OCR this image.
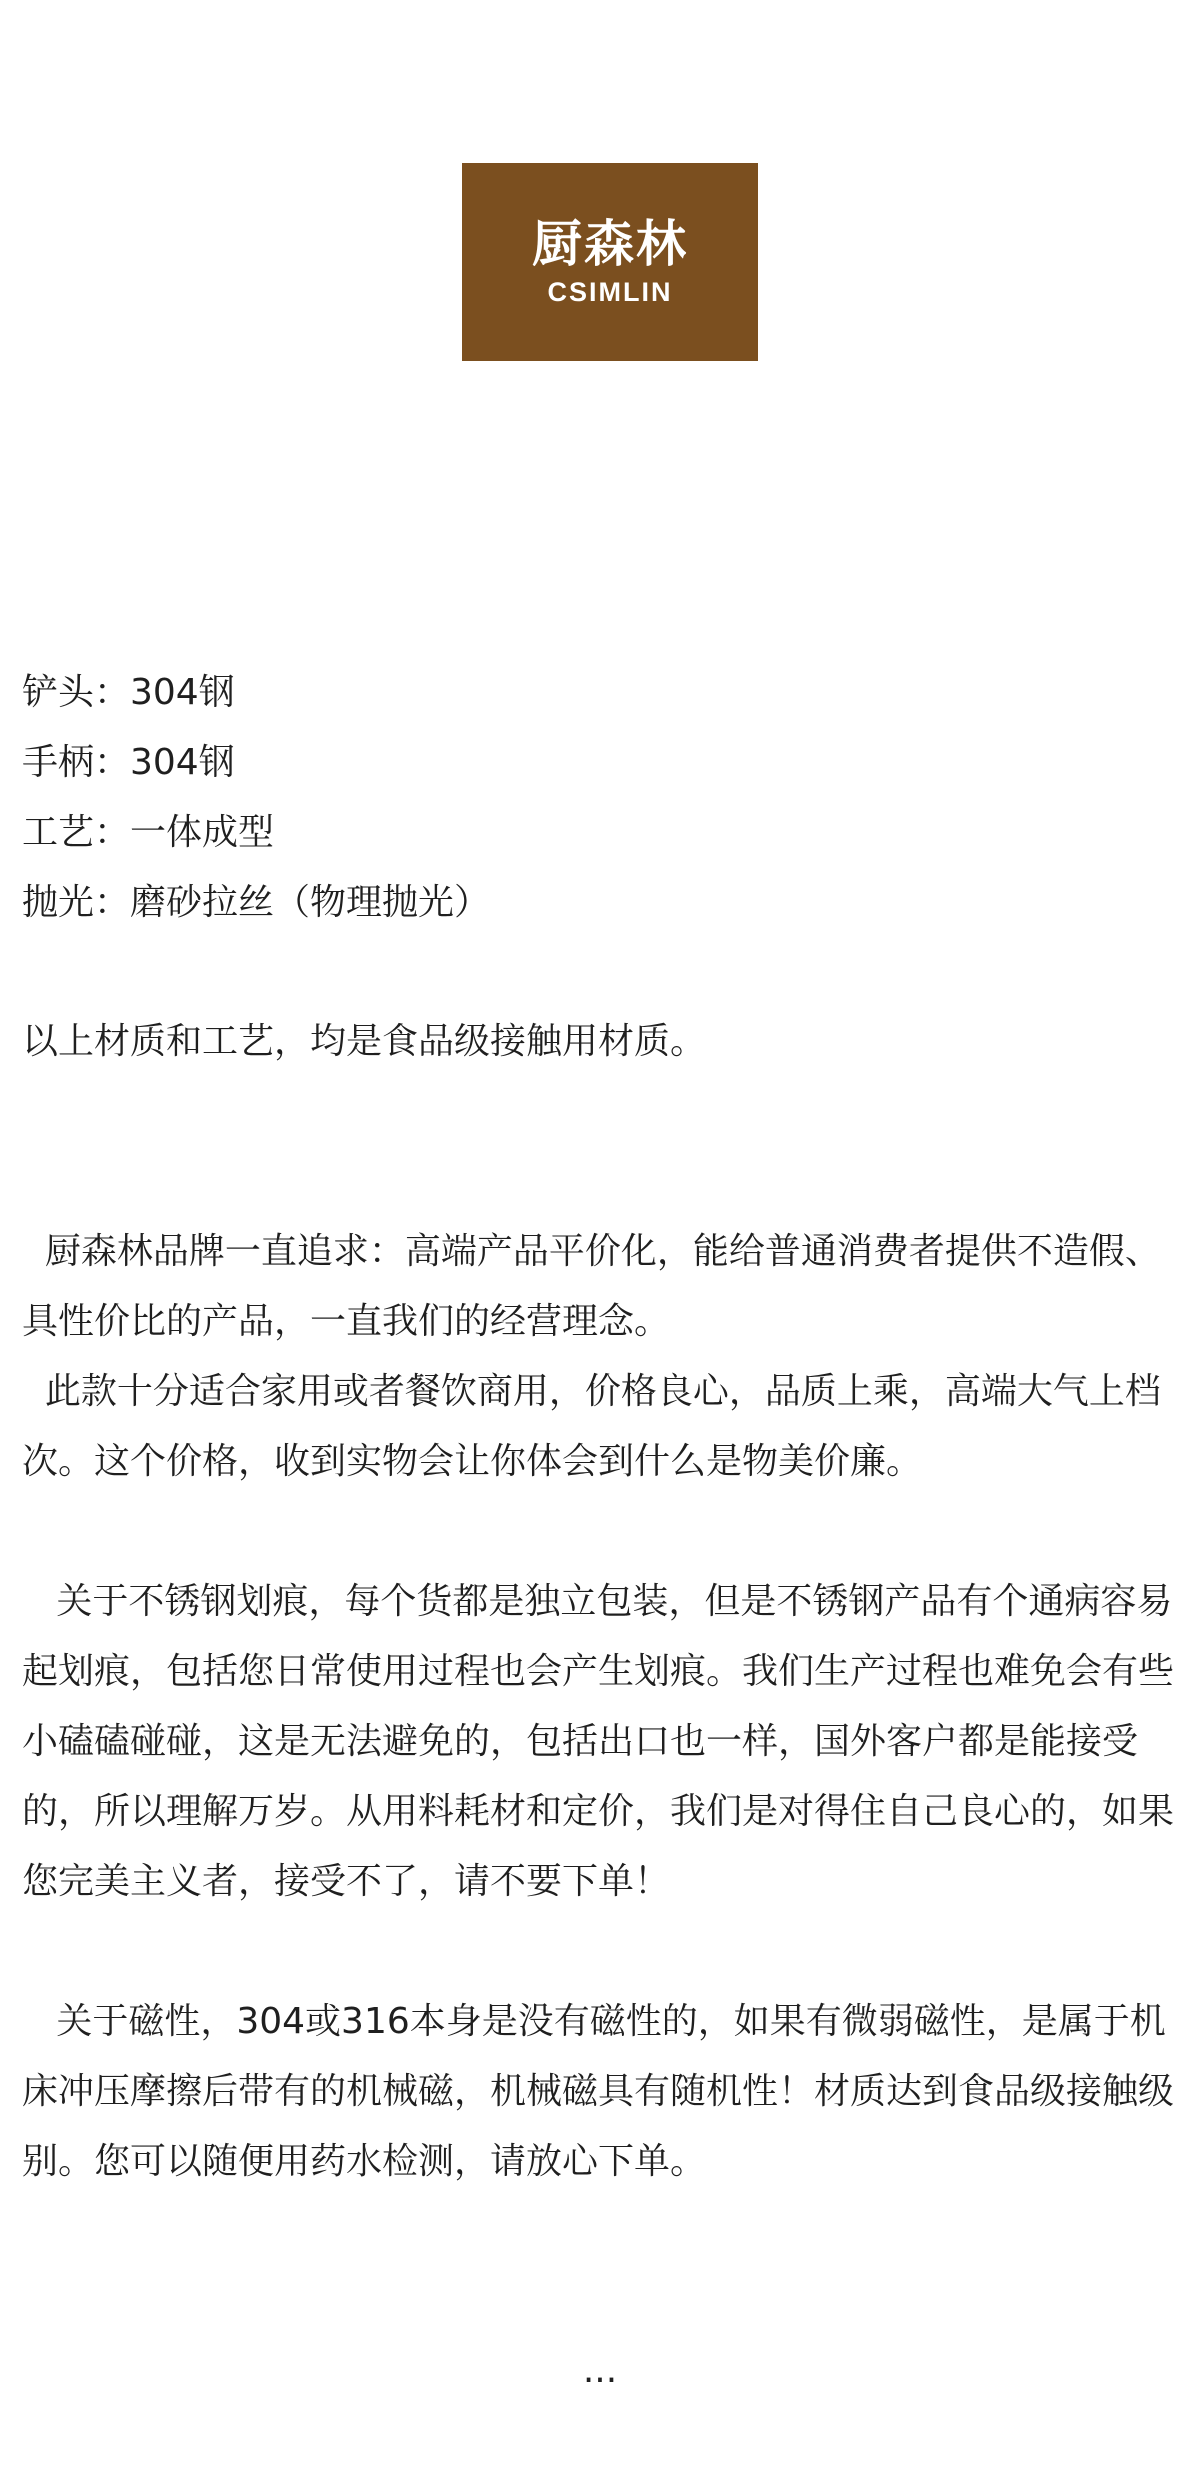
厨森林
CSIMLIN
铲头：304钢
手柄：304钢
工艺：一体成型
抛光：磨砂拉丝（物理抛光）
以上材质和工艺，均是食品级接触用材质。

厨森林品牌一直追求：高端产品平价化，能给普通消费者提供不造假、具性价比的产品，一直我们的经营理念。

此款十分适合家用或者餐饮商用，价格良心，品质上乘，高端大气上档次。这个价格，收到实物会让你体会到什么是物美价廉。

关于不锈钢划痕，每个货都是独立包装，但是不锈钢产品有个通病容易起划痕，包括您日常使用过程也会产生划痕。我们生产过程也难免会有些小磕磕碰碰，这是无法避免的，包括出口也一样，国外客户都是能接受的，所以理解万岁。从用料耗材和定价，我们是对得住自己良心的，如果您完美主义者，接受不了，请不要下单！
关于磁性，304或316本身是没有磁性的，如果有微弱磁性，是属于机床冲压摩擦后带有的机械磁，机械磁具有随机性！材质达到食品级接触级别。您可以随便用药水检测，请放心下单。
...
